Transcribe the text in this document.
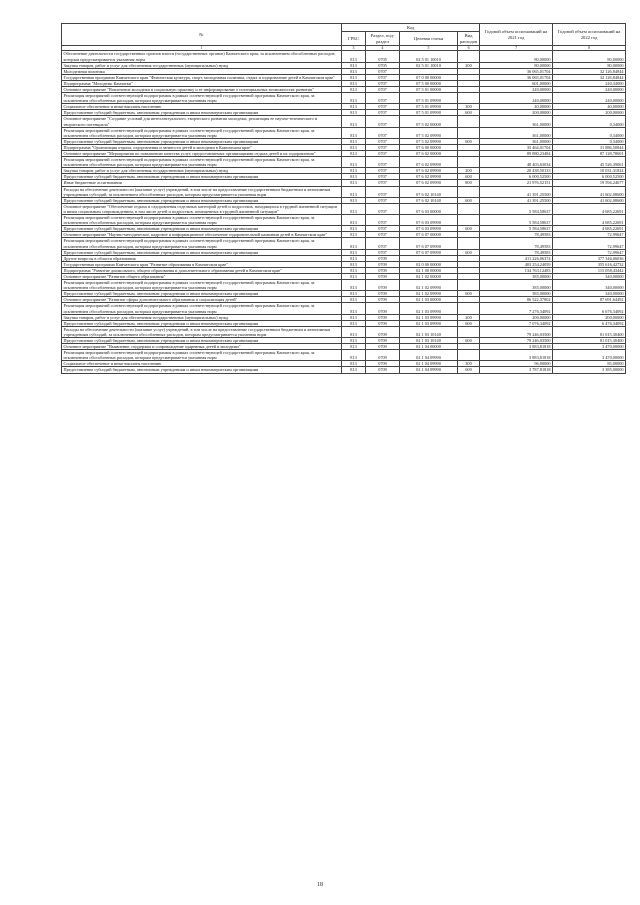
№	Код				Годовой объем ассигнований на 2021 год	Годовой объем ассигнований на 2022 год
	ГРБС	Раздел, под-раздел	Целевая статья	Вид расходов		
1	3	4	5	6	7	8
Обеспечение деятельности государственных органов власти (государственных органов) Камчатского края, за исключением обособленных расходов, которым предусматривается указанная норм	813	0705	02 5 01 10010		80,00000	80,00000
Закупка товаров, работ и услуг для обеспечения государственных (муниципальных) нужд	813	0705	02 5 01 10010	200	80,00000	80,00000
Молодежная политика	813	0707			36 065,01704	32 126,84844
Государственная программа Камчатского края "Физическая культура, спорт, молодежная политика, отдых и оздоровление детей в Камчатском крае"	813	0707	07 0 00 00000		36 065,01704	32 126,84844
Подпрограмма "Молодежь Камчатки"	813	0707	07 5 00 00000		601,00000	240,34000
Основное мероприятие "Вовлечение молодежи в социальную практику и ее информирование о потенциальных возможностях развития"	813	0707	07 5 01 00000		240,00000	240,00000
Реализация мероприятий соответствующей подпрограммы в рамках соответствующей государственной программы Камчатского края, за исключением обособленных расходов, которым предусматривается указанная норм	813	0707	07 5 01 09990		240,00000	240,00000
Социальное обеспечение и иные выплаты населению	813	0707	07 5 01 09990	300	40,00000	40,00000
Предоставление субсидий бюджетным, автономным учреждениям и иным некоммерческим организациям	813	0707	07 5 01 09990	600	200,00000	200,00000
Основное мероприятие "Создание условий для интеллектуального, творческого развития молодежи, реализация ее научно-технического и творческого потенциала"	813	0707	07 5 02 00000		361,00000	0,34000
Реализация мероприятий соответствующей подпрограммы в рамках соответствующей государственной программы Камчатского края, за исключением обособленных расходов, которым предусматривается указанная норм	813	0707	07 5 02 09990		361,00000	0,34000
Предоставление субсидий бюджетным, автономным учреждениям и иным некоммерческим организациям	813	0707	07 5 02 09990	600	361,00000	0,34000
Подпрограмма "Организация отдыха, оздоровления и занятости детей и молодежи в Камчатском крае"	813	0707	07 6 00 00000		35 464,01704	31 886,50844
Основное мероприятие "Мероприятия по повышению качества услуг, предоставляемых организациями отдыха детей и их оздоровления"	813	0707	07 6 02 00000		89 880,23484	87 128,78601
Реализация мероприятий соответствующей подпрограммы в рамках соответствующей государственной программы Камчатского края, за исключением обособленных расходов, которым предусматривается указанная норм	813	0707	07 6 02 09990		48 403,63034	45 526,39061
Закупка товаров, работ и услуг для обеспечения государственных (муниципальных) нужд	813	0707	07 6 02 09990	200	20 438,50133	10 031,31824
Предоставление субсидий бюджетным, автономным учреждениям и иным некоммерческим организациям	813	0707	07 6 02 09990	600	6 000,52500	6 000,52500
Иные бюджетные ассигнования	813	0707	07 6 02 09990	800	21 976,52151	19 594,24677
Расходы на обеспечение деятельности (оказание услуг) учреждений, в том числе на предоставление государственным бюджетным и автономным учреждениям субсидий, за исключением обособленных расходов, которым предусматривается указанная норм	813	0707	07 6 02 10140		41 391,25500	41 602,08600
Предоставление субсидий бюджетным, автономным учреждениям и иным некоммерческим организациям	813	0707	07 6 02 10140	600	41 391,25500	41 602,08600
Основное мероприятие "Обеспечение отдыха и оздоровления отдельных категорий детей и подростков, находящихся в трудной жизненной ситуации и иным социальным сопровождением, в том числе детей и подростков, помещенных в трудной жизненной ситуации"	813	0707	07 6 03 00000		5 584,58637	4 685,22691
Реализация мероприятий соответствующей подпрограммы в рамках соответствующей государственной программы Камчатского края, за исключением обособленных расходов, которым предусматривается указанная норм	813	0707	07 6 03 09990		5 584,58637	4 685,22691
Предоставление субсидий бюджетным, автономным учреждениям и иным некоммерческим организациям	813	0707	07 6 03 09990	600	5 584,58637	4 685,22691
Основное мероприятие "Научно-методическое, кадровое и информационное обеспечение оздоровительной кампании детей в Камчатском крае"	813	0707	07 6 07 00000		78,49583	72,99647
Реализация мероприятий соответствующей подпрограммы в рамках соответствующей государственной программы Камчатского края, за исключением обособленных расходов, которым предусматривается указанная норм	813	0707	07 6 07 09990		78,49583	72,99647
Предоставление субсидий бюджетным, автономным учреждениям и иным некоммерческим организациям	813	0707	07 6 07 09990	600	78,49583	72,99647
Другие вопросы в области образования	813	0709			411 226,06374	377 346,06036
Государственная программа Камчатского края "Развитие образования в Камчатском крае"	813	0709	02 0 00 00000		403 254,24059	355 616,42732
Подпрограмма "Развитие дошкольного, общего образования и дополнительного образования детей в Камчатском крае"	813	0709	02 1 00 00000		134 763,12483	115 058,43442
Основное мероприятие "Развитие общего образования"	813	0709	02 1 02 00000		385,00000	340,00000
Реализация мероприятий соответствующей подпрограммы в рамках соответствующей государственной программы Камчатского края, за исключением обособленных расходов, которым предусматривается указанная норм	813	0709	02 1 02 09990		385,00000	340,00000
Предоставление субсидий бюджетным, автономным учреждениям и иным некоммерческим организациям	813	0709	02 1 02 09990	600	385,00000	340,00000
Основное мероприятие "Развитие сферы дополнительного образования и социализация детей"	813	0709	02 1 03 00000		86 522,37802	87 691,64492
Реализация мероприятий соответствующей подпрограммы в рамках соответствующей государственной программы Камчатского края, за исключением обособленных расходов, которым предусматривается указанная норм	813	0709	02 1 03 09990		7 276,34092	6 676,34092
Закупка товаров, работ и услуг для обеспечения государственных (муниципальных) нужд	813	0709	02 1 03 09990	200	200,00000	200,00000
Предоставление субсидий бюджетным, автономным учреждениям и иным некоммерческим организациям	813	0709	02 1 03 09990	600	7 076,34092	6 476,34092
Расходы на обеспечение деятельности (оказание услуг) учреждений, в том числе на предоставление государственным бюджетным и автономным учреждениям субсидий, за исключением обособленных расходов, которым предусматривается указанная норм	813	0709	02 1 03 10140		79 246,03500	81 015,30400
Предоставление субсидий бюджетным, автономным учреждениям и иным некоммерческим организациям	813	0709	02 1 03 10140	600	79 246,03500	81 015,30400
Основное мероприятие "Выявление, поддержка и сопровождение одаренных детей и молодежи"	813	0709	02 1 04 00000		3 883,81818	3 470,00000
Реализация мероприятий соответствующей подпрограммы в рамках соответствующей государственной программы Камчатского края, за исключением обособленных расходов, которым предусматривается указанная норм	813	0709	02 1 04 09990		3 883,81818	3 470,00000
Социальное обеспечение и иные выплаты населению	813	0709	02 1 04 09990	300	96,00000	85,00000
Предоставление субсидий бюджетным, автономным учреждениям и иным некоммерческим организациям	813	0709	02 1 04 09990	600	3 787,81818	3 385,00000
18
